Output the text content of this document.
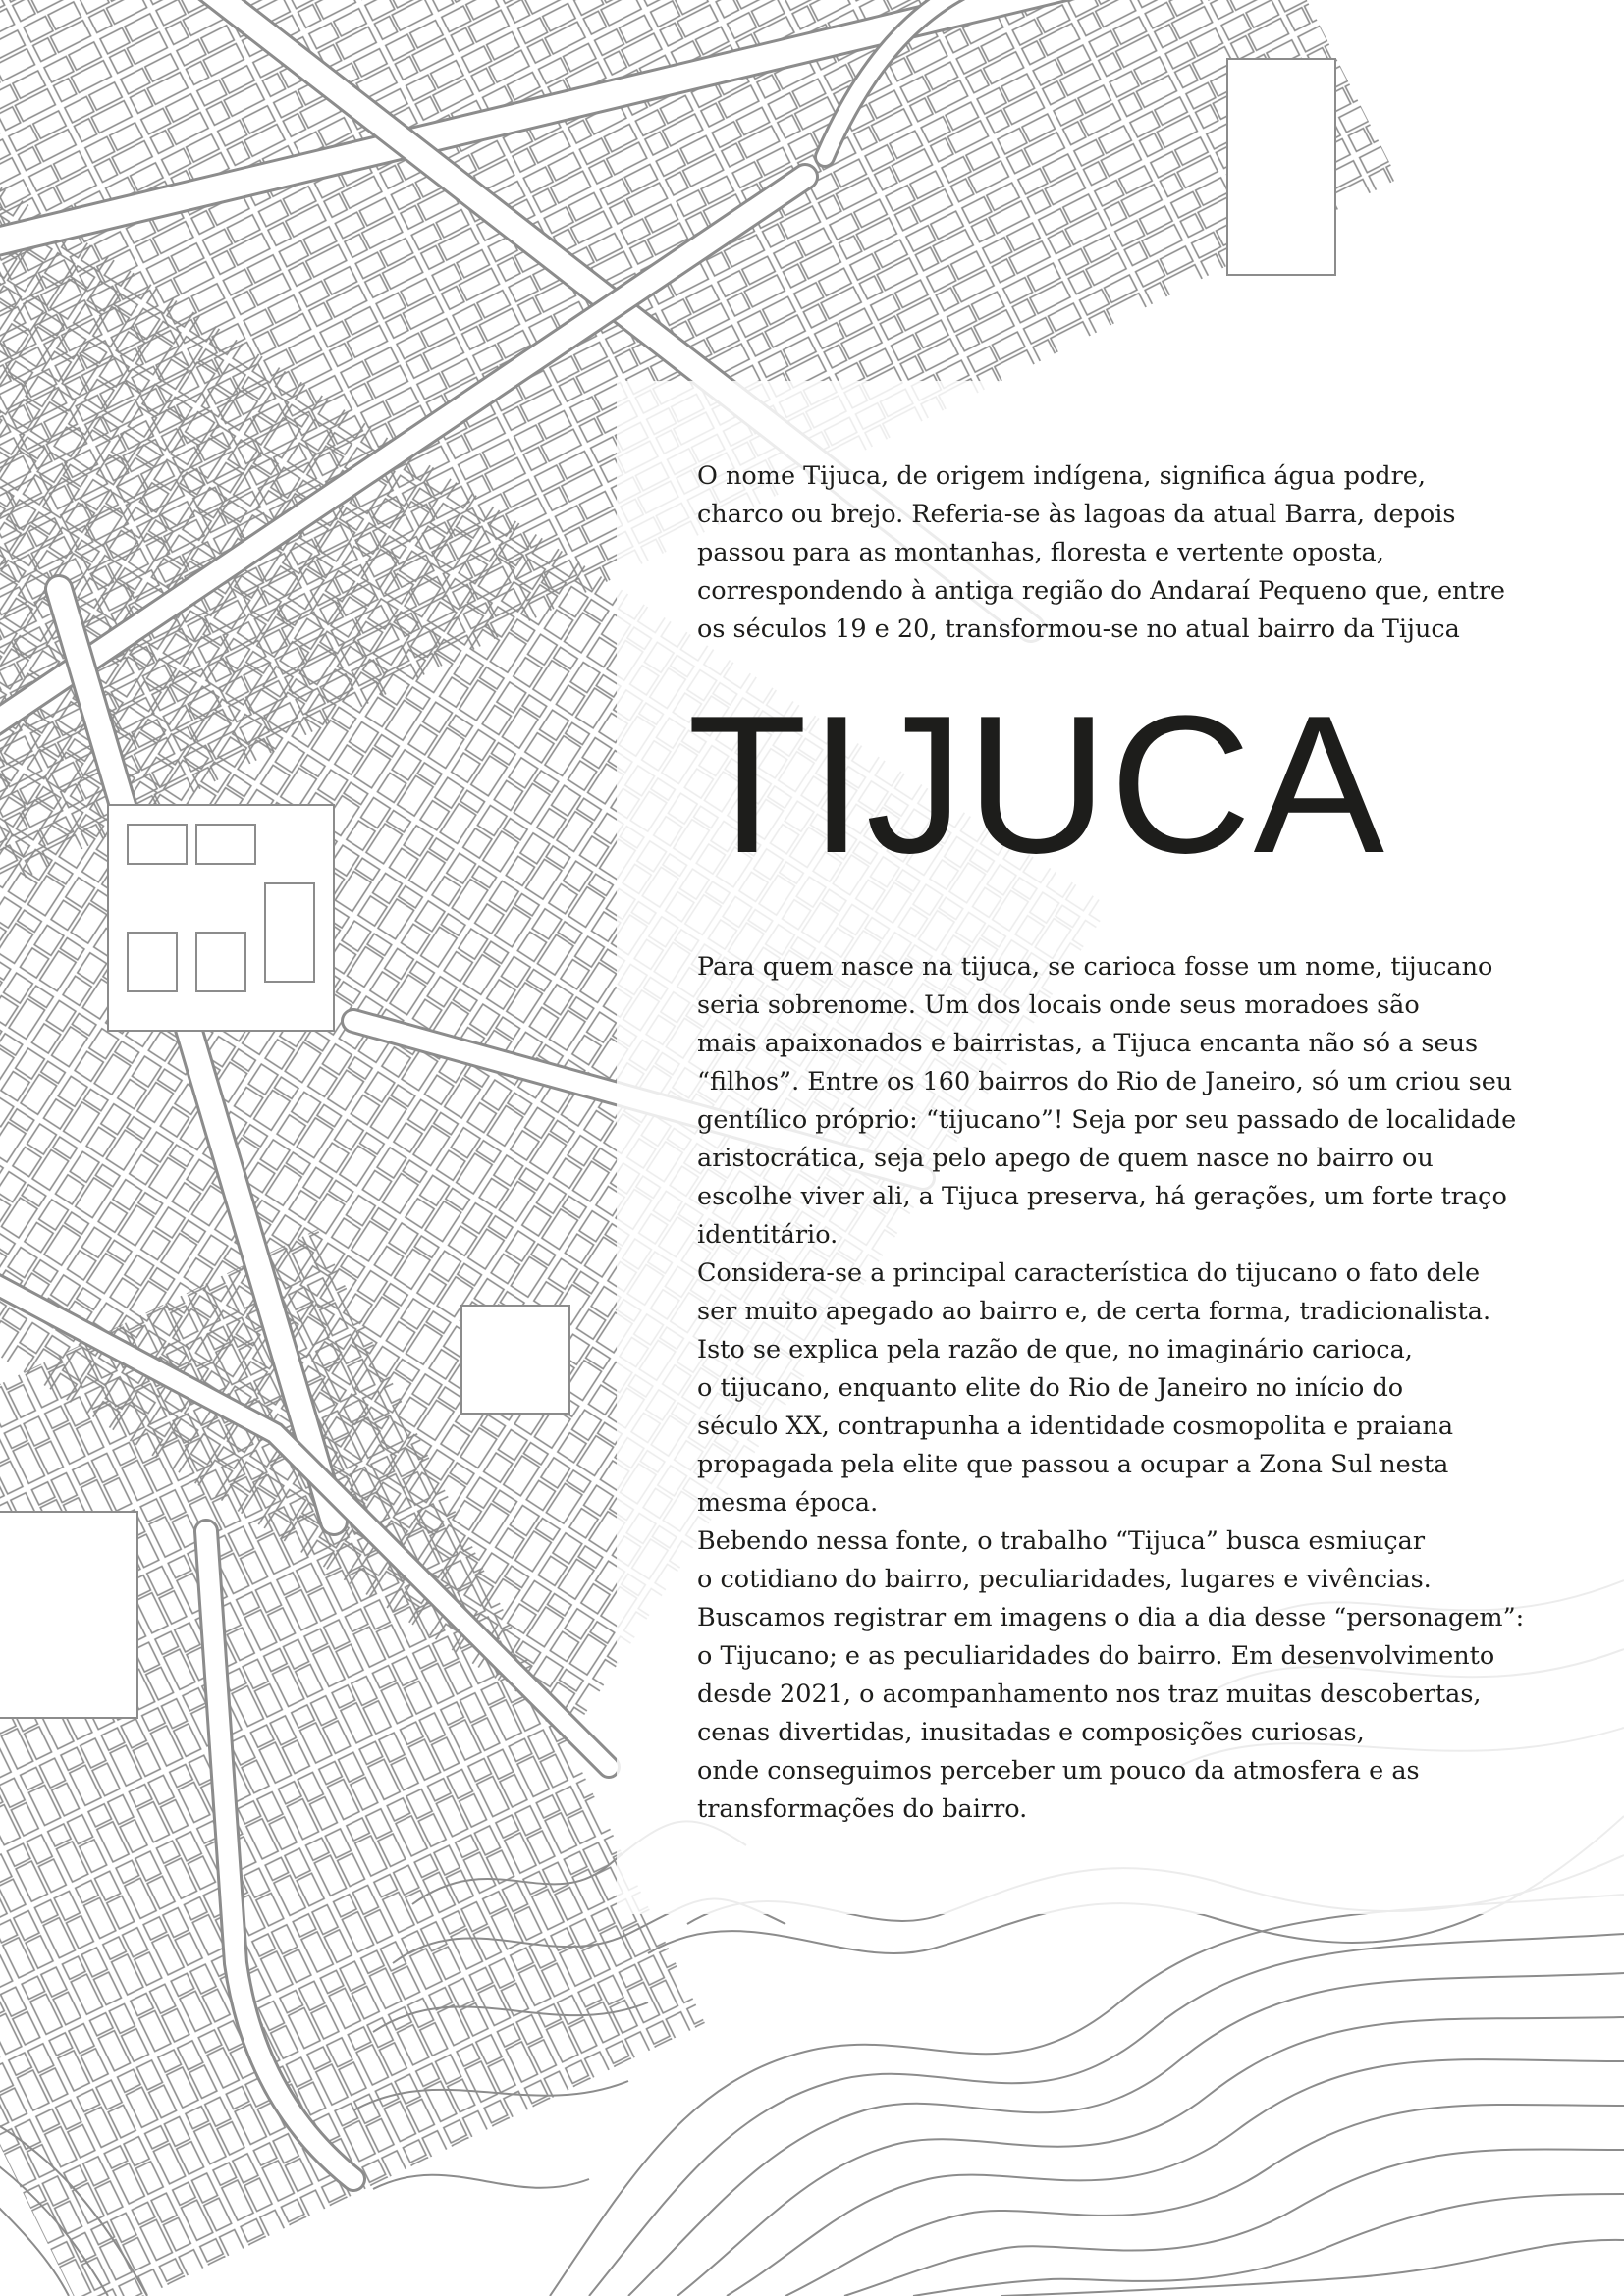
O nome Tijuca, de origem indígena, significa água podre,
charco ou brejo. Referia-se às lagoas da atual Barra, depois
passou para as montanhas, floresta e vertente oposta,
correspondendo à antiga região do Andaraí Pequeno que, entre
os séculos 19 e 20, transformou-se no atual bairro da Tijuca

TIJUCA

Para quem nasce na tijuca, se carioca fosse um nome, tijucano
seria sobrenome. Um dos locais onde seus moradoes são
mais apaixonados e bairristas, a Tijuca encanta não só a seus
“filhos”. Entre os 160 bairros do Rio de Janeiro, só um criou seu
gentílico próprio: “tijucano”! Seja por seu passado de localidade
aristocrática, seja pelo apego de quem nasce no bairro ou
escolhe viver ali, a Tijuca preserva, há gerações, um forte traço
identitário.
Considera-se a principal característica do tijucano o fato dele
ser muito apegado ao bairro e, de certa forma, tradicionalista.
Isto se explica pela razão de que, no imaginário carioca,
o tijucano, enquanto elite do Rio de Janeiro no início do
século XX, contrapunha a identidade cosmopolita e praiana
propagada pela elite que passou a ocupar a Zona Sul nesta
mesma época.
Bebendo nessa fonte, o trabalho “Tijuca” busca esmiuçar
o cotidiano do bairro, peculiaridades, lugares e vivências.
Buscamos registrar em imagens o dia a dia desse “personagem”:
o Tijucano; e as peculiaridades do bairro. Em desenvolvimento
desde 2021, o acompanhamento nos traz muitas descobertas,
cenas divertidas, inusitadas e composições curiosas,
onde conseguimos perceber um pouco da atmosfera e as
transformações do bairro.
